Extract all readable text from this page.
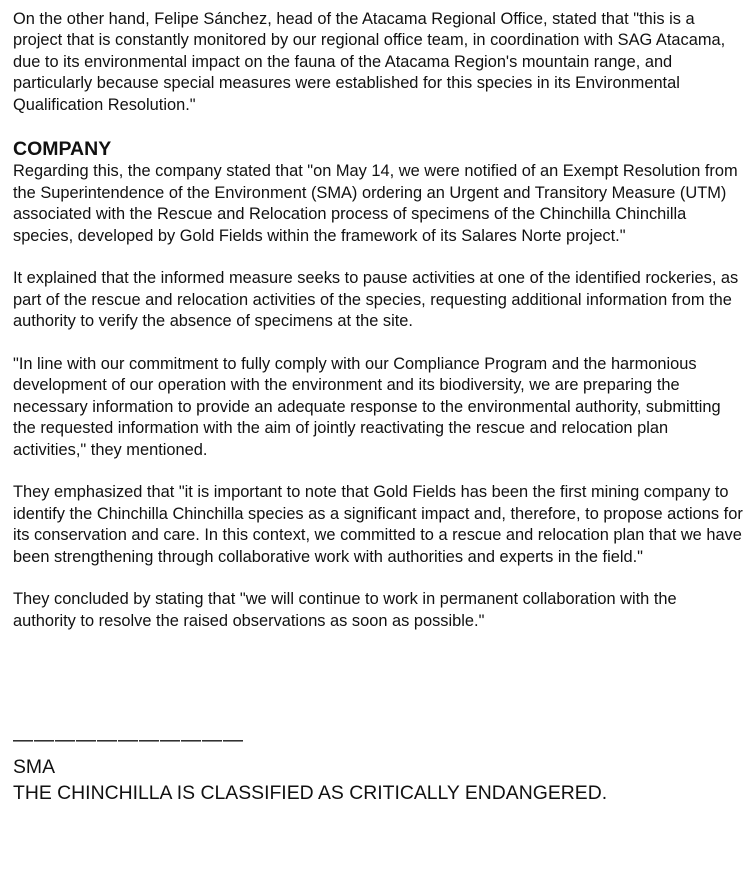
On the other hand, Felipe Sánchez, head of the Atacama Regional Office, stated that "this is a project that is constantly monitored by our regional office team, in coordination with SAG Atacama, due to its environmental impact on the fauna of the Atacama Region's mountain range, and particularly because special measures were established for this species in its Environmental Qualification Resolution."

COMPANY

Regarding this, the company stated that "on May 14, we were notified of an Exempt Resolution from the Superintendence of the Environment (SMA) ordering an Urgent and Transitory Measure (UTM) associated with the Rescue and Relocation process of specimens of the Chinchilla Chinchilla species, developed by Gold Fields within the framework of its Salares Norte project."

It explained that the informed measure seeks to pause activities at one of the identified rockeries, as part of the rescue and relocation activities of the species, requesting additional information from the authority to verify the absence of specimens at the site.

"In line with our commitment to fully comply with our Compliance Program and the harmonious development of our operation with the environment and its biodiversity, we are preparing the necessary information to provide an adequate response to the environmental authority, submitting the requested information with the aim of jointly reactivating the rescue and relocation plan activities," they mentioned.

They emphasized that "it is important to note that Gold Fields has been the first mining company to identify the Chinchilla Chinchilla species as a significant impact and, therefore, to propose actions for its conservation and care. In this context, we committed to a rescue and relocation plan that we have been strengthening through collaborative work with authorities and experts in the field."

They concluded by stating that "we will continue to work in permanent collaboration with the authority to resolve the raised observations as soon as possible."

———————————

SMA

THE CHINCHILLA IS CLASSIFIED AS CRITICALLY ENDANGERED.
